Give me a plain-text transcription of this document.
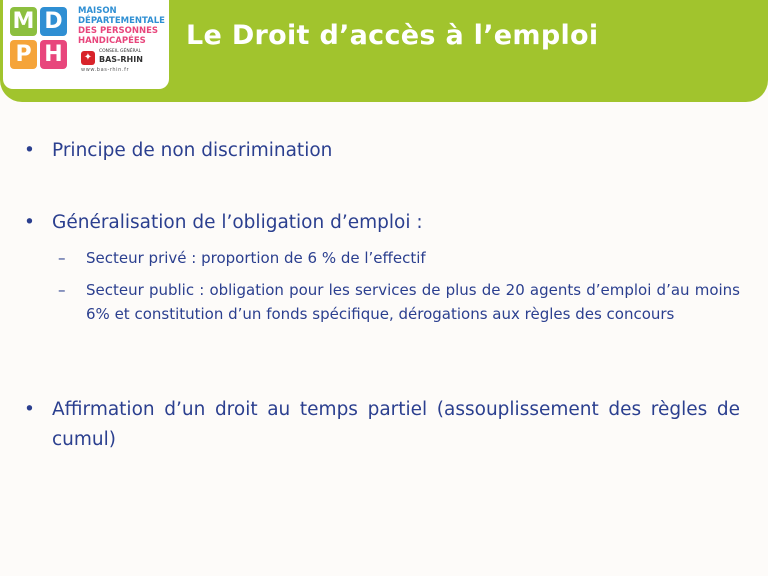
Le Droit d’accès à l’emploi
M D
P H
MAISON
DÉPARTEMENTALE
DES PERSONNES
HANDICAPÉES
✦
CONSEIL GÉNÉRAL
BAS-RHIN
www.bas-rhin.fr
• Principe de non discrimination
• Généralisation de l’obligation d’emploi :
–	Secteur privé : proportion de 6 % de l’effectif
–	Secteur public : obligation pour les services de plus de 20 agents d’emploi d’au moins 6% et constitution d’un fonds spécifique, dérogations aux règles des concours
• Affirmation d’un droit au temps partiel (assouplissement des règles de cumul)
